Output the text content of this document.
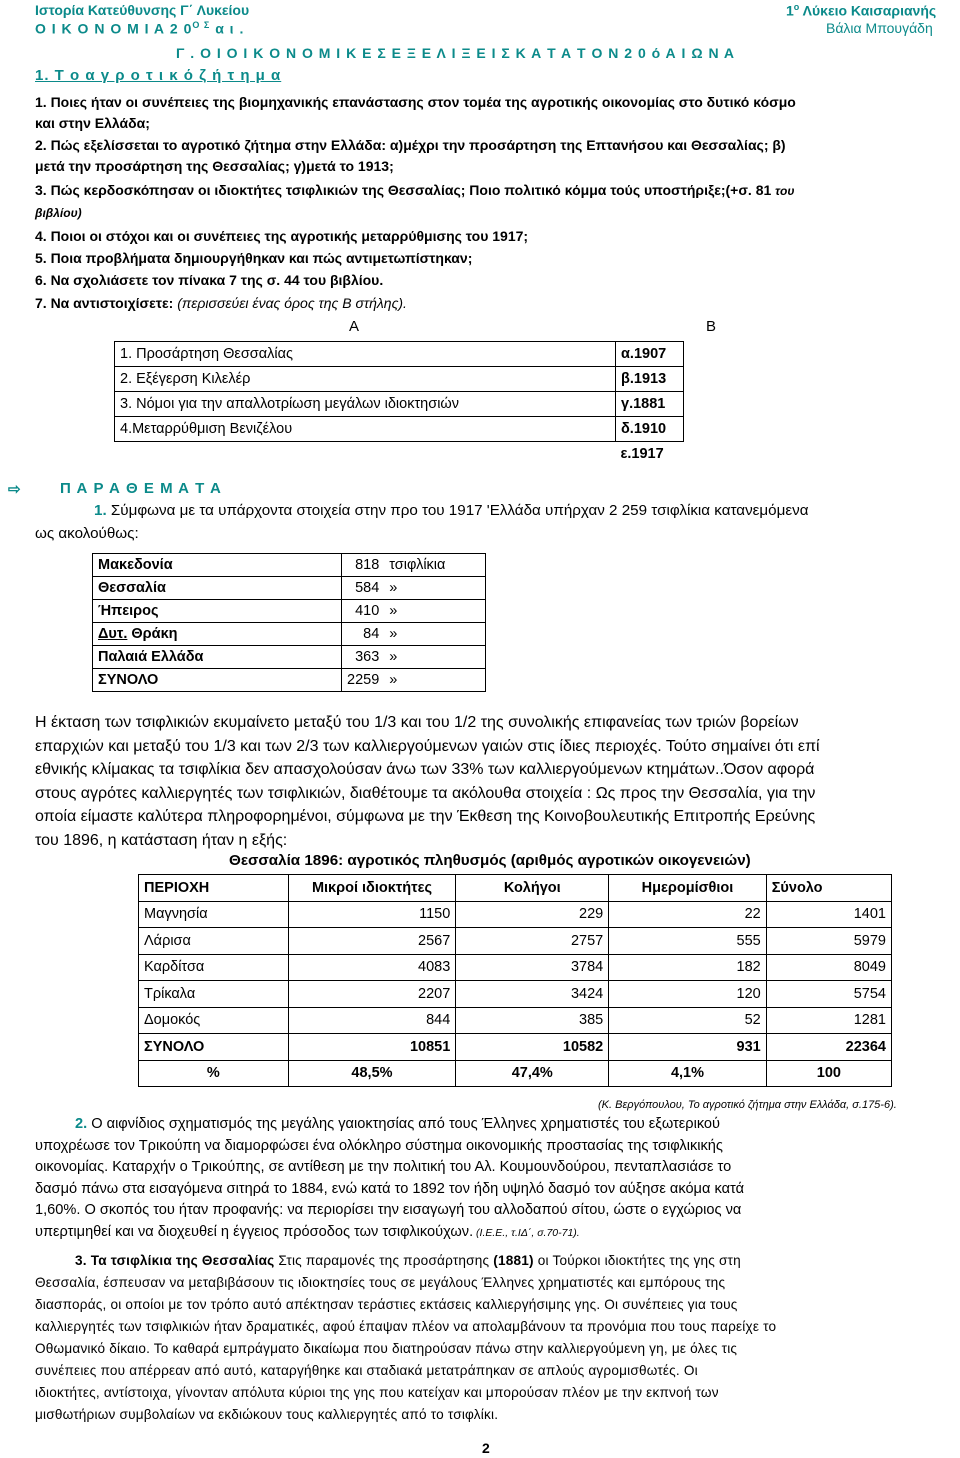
Ιστορία Κατεύθυνσης Γ΄ Λυκείου
Ο Ι Κ Ο Ν Ο Μ Ι Α 2 $0^{O \Sigma}$ α ι .
$1^o$ Λύκειο Καισαριανής
Βάλια Μπουγάδη
Γ . Ο Ι Ο Ι Κ Ο Ν Ο Μ Ι Κ Ε Σ Ε Ξ Ε Λ Ι Ξ Ε Ι Σ Κ Α Τ Α Τ Ο Ν 2 0 ό Α Ι Ω Ν Α
1. Τ ο α γ ρ ο τ ι κ ό ζ ή τ η μ α
1. Ποιες ήταν οι συνέπειες της βιομηχανικής επανάστασης στον τομέα της αγροτικής οικονομίας στο δυτικό κόσμο
και στην Ελλάδα;
2. Πώς εξελίσσεται το αγροτικό ζήτημα στην Ελλάδα: α)μέχρι την προσάρτηση της Επτανήσου και Θεσσαλίας; β)
μετά την προσάρτηση της Θεσσαλίας; γ)μετά το 1913;
3. Πώς κερδοσκόπησαν οι ιδιοκτήτες τσιφλικιών της Θεσσαλίας; Ποιο πολιτικό κόμμα τούς υποστήριξε;(+σ. 81 του
βιβλίου)
4. Ποιοι οι στόχοι και οι συνέπειες της αγροτικής μεταρρύθμισης του 1917;
5. Ποια προβλήματα δημιουργήθηκαν και πώς αντιμετωπίστηκαν;
6. Να σχολιάσετε τον πίνακα 7 της σ. 44 του βιβλίου.
7. Να αντιστοιχίσετε: (περισσεύει ένας όρος της Β στήλης).
Α	Β
1. Προσάρτηση Θεσσαλίας	α.1907
2. Εξέγερση Κιλελέρ	β.1913
3. Νόμοι για την απαλλοτρίωση μεγάλων ιδιοκτησιών	γ.1881
4.Μεταρρύθμιση Βενιζέλου	δ.1910
	ε.1917
⇨	Π Α Ρ Α Θ Ε Μ Α Τ Α
1. Σύμφωνα με τα υπάρχοντα στοιχεία στην προ του 1917 'Ελλάδα υπήρχαν 2 259 τσιφλίκια κατανεμόμενα
ως ακολούθως:
Μακεδονία	818	τσιφλίκια
Θεσσαλία	584	»
Ήπειρος	410	»
Δυτ. Θράκη	84	»
Παλαιά Ελλάδα	363	»
ΣΥΝΟΛΟ	2259	»
Η έκταση των τσιφλικιών εκυμαίνετο μεταξύ του 1/3 και του 1/2 της συνολικής επιφανείας των τριών βορείων
επαρχιών και μεταξύ του 1/3 και των 2/3 των καλλιεργούμενων γαιών στις ίδιες περιοχές. Τούτο σημαίνει ότι επί
εθνικής κλίμακας τα τσιφλίκια δεν απασχολούσαν άνω των 33% των καλλιεργούμενων κτημάτων..Όσον αφορά
στους αγρότες καλλιεργητές των τσιφλικιών, διαθέτουμε τα ακόλουθα στοιχεία : Ως προς την Θεσσαλία, για την
οποία είμαστε καλύτερα πληροφορημένοι, σύμφωνα με την Έκθεση της Κοινοβουλευτικής Επιτροπής Ερεύνης
του 1896, η κατάσταση ήταν η εξής:
Θεσσαλία 1896: αγροτικός πληθυσμός (αριθμός αγροτικών οικογενειών)
ΠΕΡΙΟΧΗ	Μικροί ιδιοκτήτες	Κολήγοι	Ημερομίσθιοι	Σύνολο
Μαγνησία	1150	229	22	1401
Λάρισα	2567	2757	555	5979
Καρδίτσα	4083	3784	182	8049
Τρίκαλα	2207	3424	120	5754
Δομοκός	844	385	52	1281
ΣΥΝΟΛΟ	10851	10582	931	22364
%	48,5%	47,4%	4,1%	100
(Κ. Βεργόπουλου, Το αγροτικό ζήτημα στην Ελλάδα, σ.175-6).
2. Ο αιφνίδιος σχηματισμός της μεγάλης γαιοκτησίας από τους Έλληνες χρηματιστές του εξωτερικού
υποχρέωσε τον Τρικούπη να διαμορφώσει ένα ολόκληρο σύστημα οικονομικής προστασίας της τσιφλικικής
οικονομίας. Καταρχήν ο Τρικούπης, σε αντίθεση με την πολιτική του Αλ. Κουμουνδούρου, πενταπλασιάσε το
δασμό πάνω στα εισαγόμενα σιτηρά το 1884, ενώ κατά το 1892 τον ήδη υψηλό δασμό τον αύξησε ακόμα κατά
1,60%. Ο σκοπός του ήταν προφανής: να περιορίσει την εισαγωγή του αλλοδαπού σίτου, ώστε ο εγχώριος να
υπερτιμηθεί και να διοχευθεί η έγγειος πρόσοδος των τσιφλικούχων. (Ι.Ε.Ε., τ.ΙΔ΄, σ.70-71).
3. Τα τσιφλίκια της Θεσσαλίας Στις παραμονές της προσάρτησης (1881) οι Τούρκοι ιδιοκτήτες της γης στη
Θεσσαλία, έσπευσαν να μεταβιβάσουν τις ιδιοκτησίες τους σε μεγάλους Έλληνες χρηματιστές και εμπόρους της
διασποράς, οι οποίοι με τον τρόπο αυτό απέκτησαν τεράστιες εκτάσεις καλλιεργήσιμης γης. Οι συνέπειες για τους
καλλιεργητές των τσιφλικιών ήταν δραματικές, αφού έπαψαν πλέον να απολαμβάνουν τα προνόμια που τους παρείχε το
Οθωμανικό δίκαιο. Το καθαρά εμπράγματο δικαίωμα που διατηρούσαν πάνω στην καλλιεργούμενη γη, με όλες τις
συνέπειες που απέρρεαν από αυτό, καταργήθηκε και σταδιακά μετατράπηκαν σε απλούς αγρομισθωτές. Οι
ιδιοκτήτες, αντίστοιχα, γίνονταν απόλυτα κύριοι της γης που κατείχαν και μπορούσαν πλέον με την εκπνοή των
μισθωτήριων συμβολαίων να εκδιώκουν τους καλλιεργητές από το τσιφλίκι.
2
